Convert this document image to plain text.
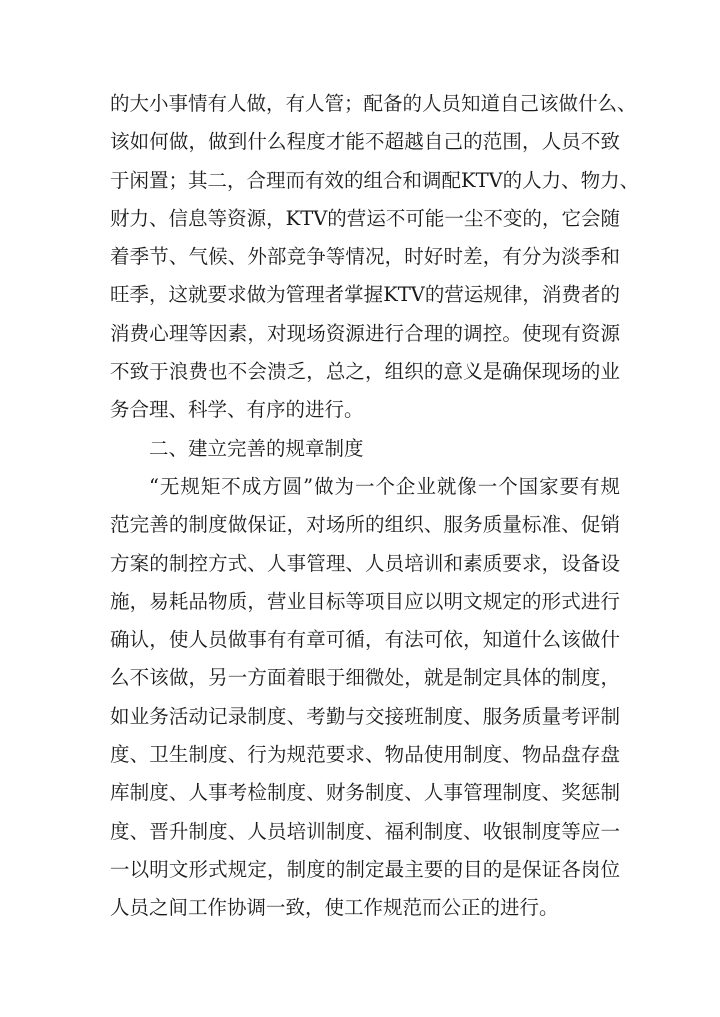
的大小事情有人做，有人管；配备的人员知道自己该做什么、
该如何做，做到什么程度才能不超越自己的范围，人员不致
于闲置；其二，合理而有效的组合和调配KTV的人力、物力、
财力、信息等资源，KTV的营运不可能一尘不变的，它会随
着季节、气候、外部竞争等情况，时好时差，有分为淡季和
旺季，这就要求做为管理者掌握KTV的营运规律，消费者的
消费心理等因素，对现场资源进行合理的调控。使现有资源
不致于浪费也不会溃乏，总之，组织的意义是确保现场的业
务合理、科学、有序的进行。
二、建立完善的规章制度
“无规矩不成方圆”做为一个企业就像一个国家要有规
范完善的制度做保证，对场所的组织、服务质量标准、促销
方案的制控方式、人事管理、人员培训和素质要求，设备设
施，易耗品物质，营业目标等项目应以明文规定的形式进行
确认，使人员做事有有章可循，有法可依，知道什么该做什
么不该做，另一方面着眼于细微处，就是制定具体的制度，
如业务活动记录制度、考勤与交接班制度、服务质量考评制
度、卫生制度、行为规范要求、物品使用制度、物品盘存盘
库制度、人事考检制度、财务制度、人事管理制度、奖惩制
度、晋升制度、人员培训制度、福利制度、收银制度等应一
一以明文形式规定，制度的制定最主要的目的是保证各岗位
人员之间工作协调一致，使工作规范而公正的进行。
